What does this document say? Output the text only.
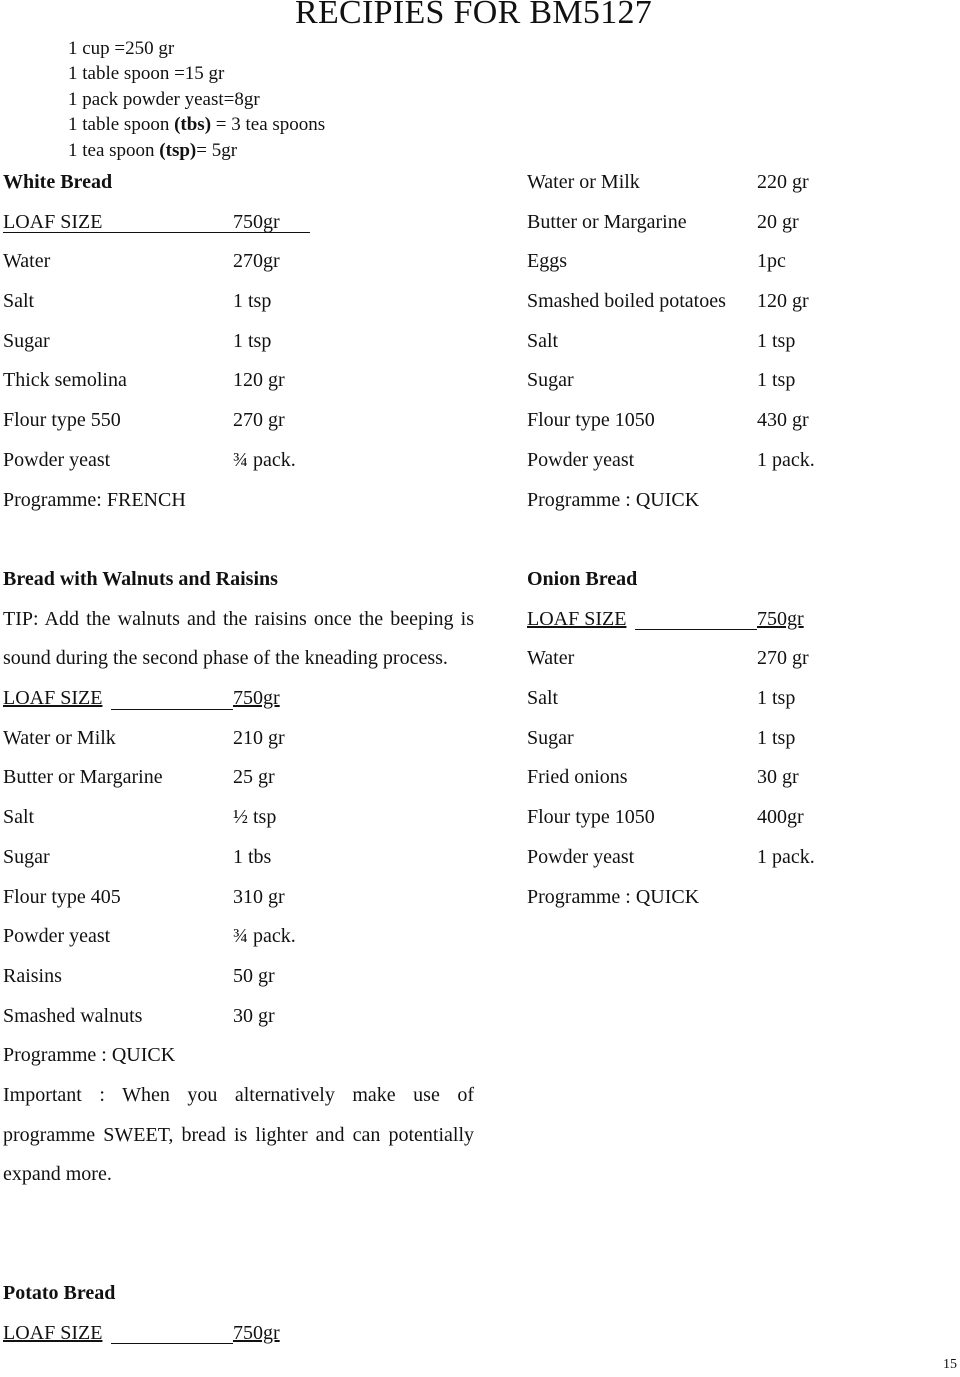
RECIPIES FOR BM5127
1 cup =250 gr
1 table spoon =15 gr
1 pack powder yeast=8gr
1 table spoon (tbs) = 3 tea spoons
1 tea spoon (tsp)= 5gr
White Bread
LOAF SIZE	750gr
Water	270gr
Salt	1 tsp
Sugar	1 tsp
Thick semolina	120 gr
Flour type 550	270 gr
Powder yeast	¾ pack.
Programme: FRENCH
Water or Milk	220 gr
Butter or Margarine	20 gr
Eggs	1pc
Smashed boiled potatoes 120 gr
Salt	1 tsp
Sugar	1 tsp
Flour type 1050	430 gr
Powder yeast	1 pack.
Programme : QUICK
Bread with Walnuts and Raisins

TIP: Add the walnuts and the raisins once the beeping is sound during the second phase of the kneading process.

LOAF SIZE	750gr
Water or Milk	210 gr
Butter or Margarine	25 gr
Salt	½ tsp
Sugar	1 tbs
Flour type 405	310 gr
Powder yeast	¾ pack.
Raisins	50 gr
Smashed walnuts	30 gr
Programme : QUICK

Important : When you alternatively make use of programme SWEET, bread is lighter and can potentially expand more.

Onion Bread
LOAF SIZE	750gr
Water	270 gr
Salt	1 tsp
Sugar	1 tsp
Fried onions	30 gr
Flour type 1050	400gr
Powder yeast	1 pack.
Programme : QUICK
Potato Bread
LOAF SIZE	750gr
15
